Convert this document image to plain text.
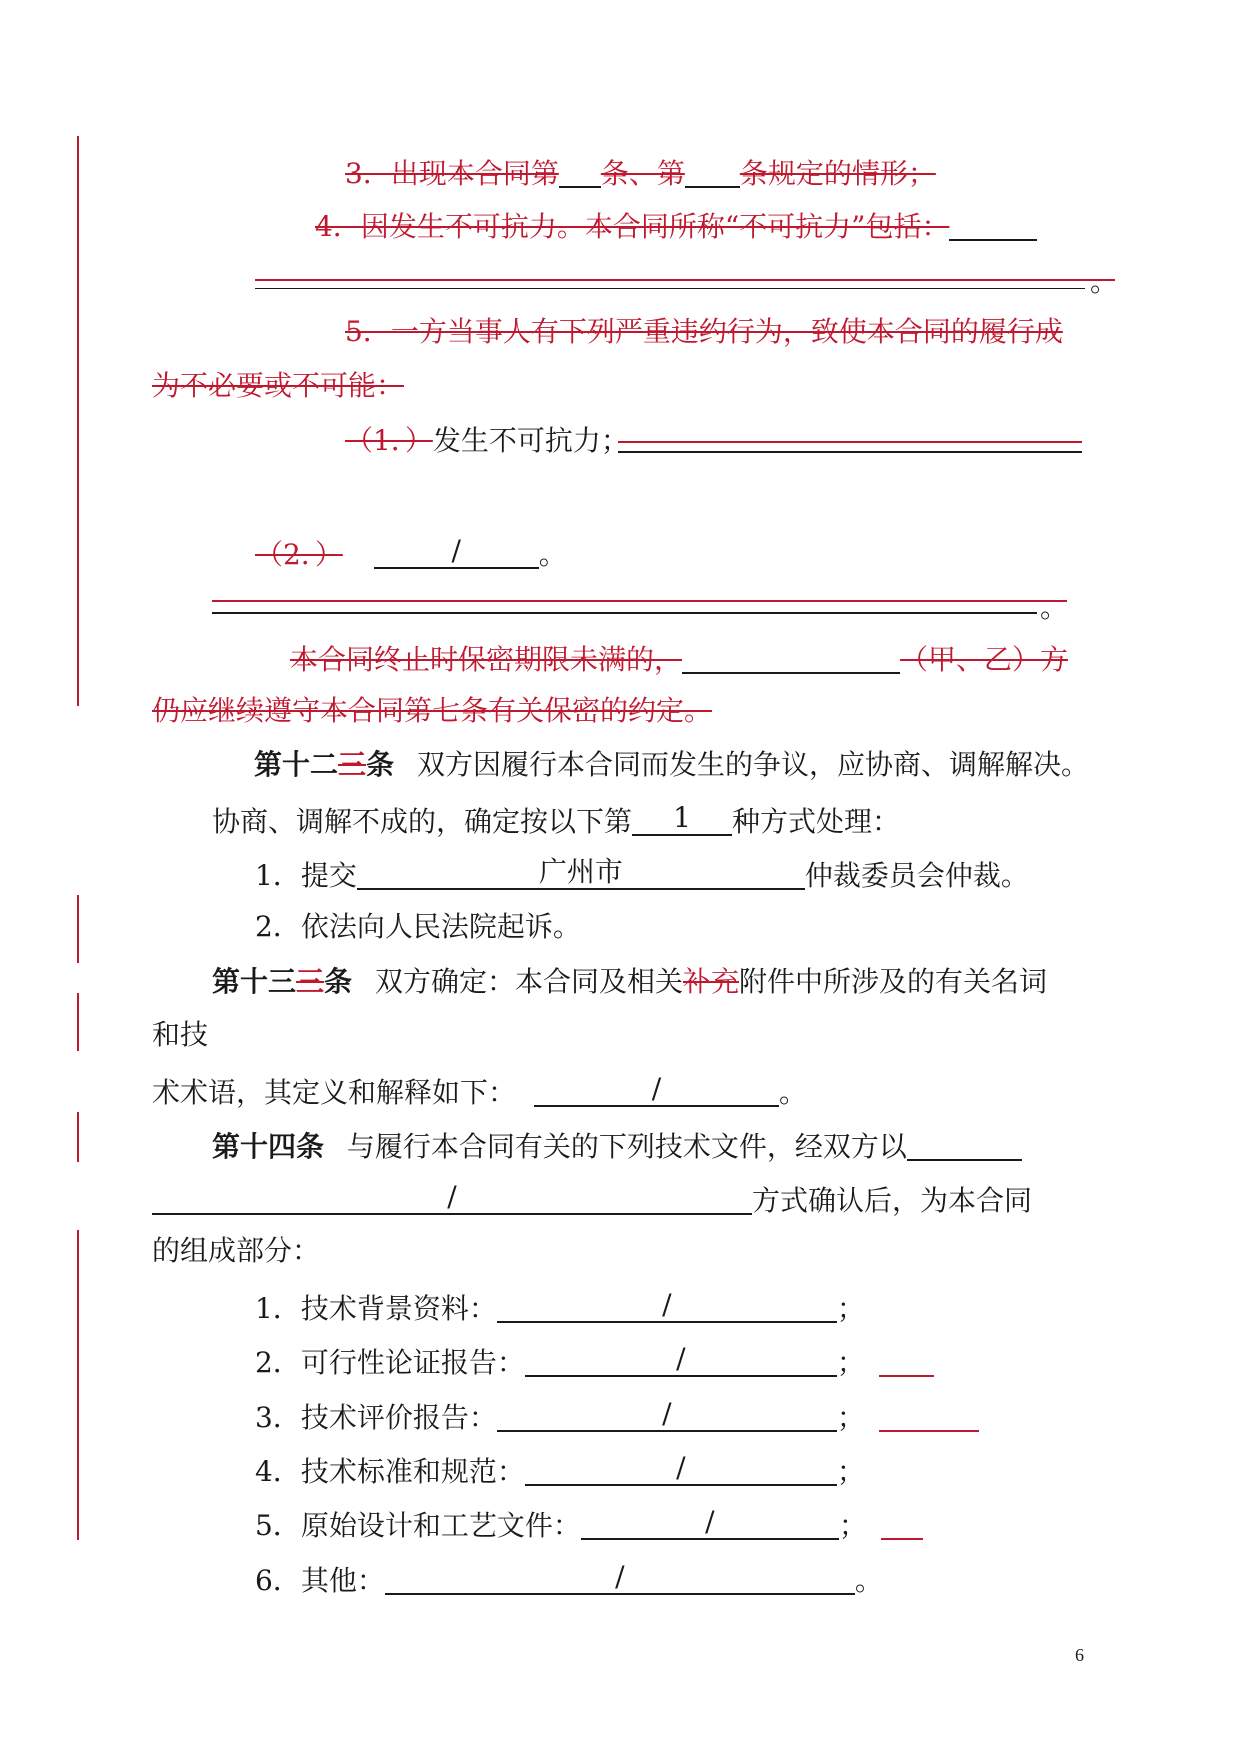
3．出现本合同第 条、第 条规定的情形；
4．因发生不可抗力。本合同所称“不可抗力”包括：
。
5．一方当事人有下列严重违约行为，致使本合同的履行成
为不必要或不可能：
（1．）发生不可抗力；
（2．）	/	。
。
本合同终止时保密期限未满的，	（甲、乙）方
仍应继续遵守本合同第七条有关保密的约定。
第十二三条 双方因履行本合同而发生的争议，应协商、调解解决。
协商、调解不成的，确定按以下第 1 种方式处理：
1．提交	广州市	仲裁委员会仲裁。
2．依法向人民法院起诉。
第十三三条 双方确定：本合同及相关补充附件中所涉及的有关名词
和技
术术语，其定义和解释如下：	/	。
第十四条 与履行本合同有关的下列技术文件，经双方以
/	方式确认后，为本合同
的组成部分：
1．技术背景资料：	/	；
2．可行性论证报告：	/	；
3．技术评价报告：	/	；
4．技术标准和规范：	/	；
5．原始设计和工艺文件：	/	；
6．其他：	/	。
6
